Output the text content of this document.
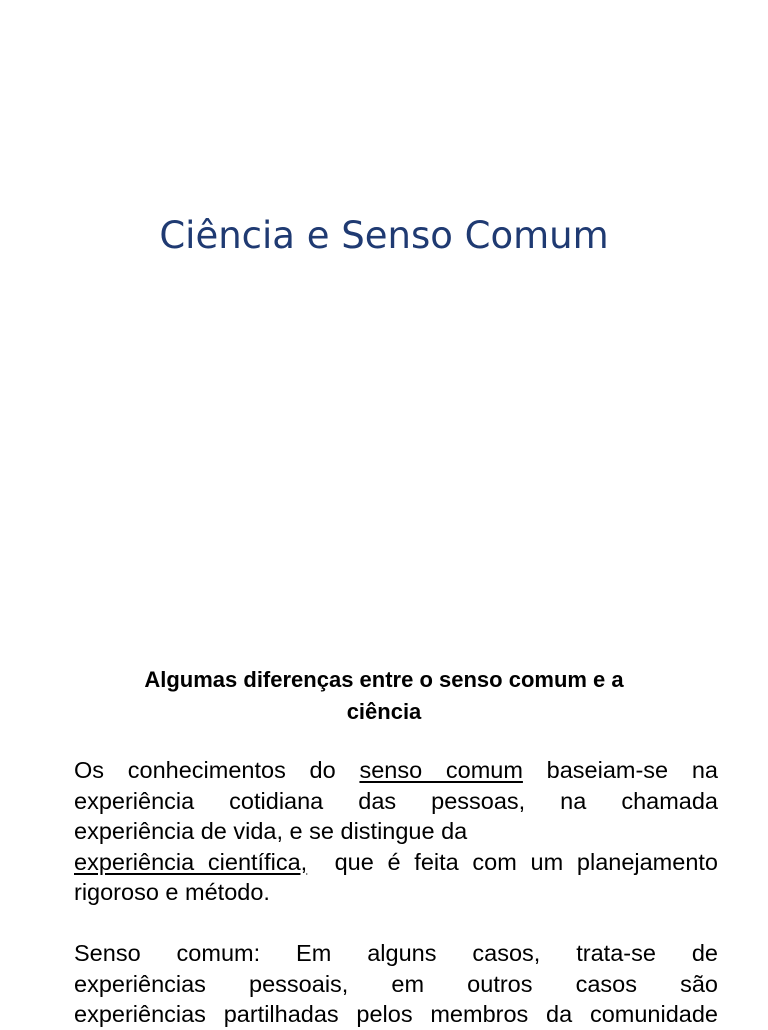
Ciência e Senso Comum
Algumas diferenças entre o senso comum e a
ciência
Os conhecimentos do senso comum baseiam-se na
experiência cotidiana das pessoas, na chamada
experiência de vida, e se distingue da
experiência científica,  que é feita com um planejamento
rigoroso e método.
Senso comum: Em alguns casos, trata-se de
experiências pessoais, em outros casos são
experiências partilhadas pelos membros da comunidade
